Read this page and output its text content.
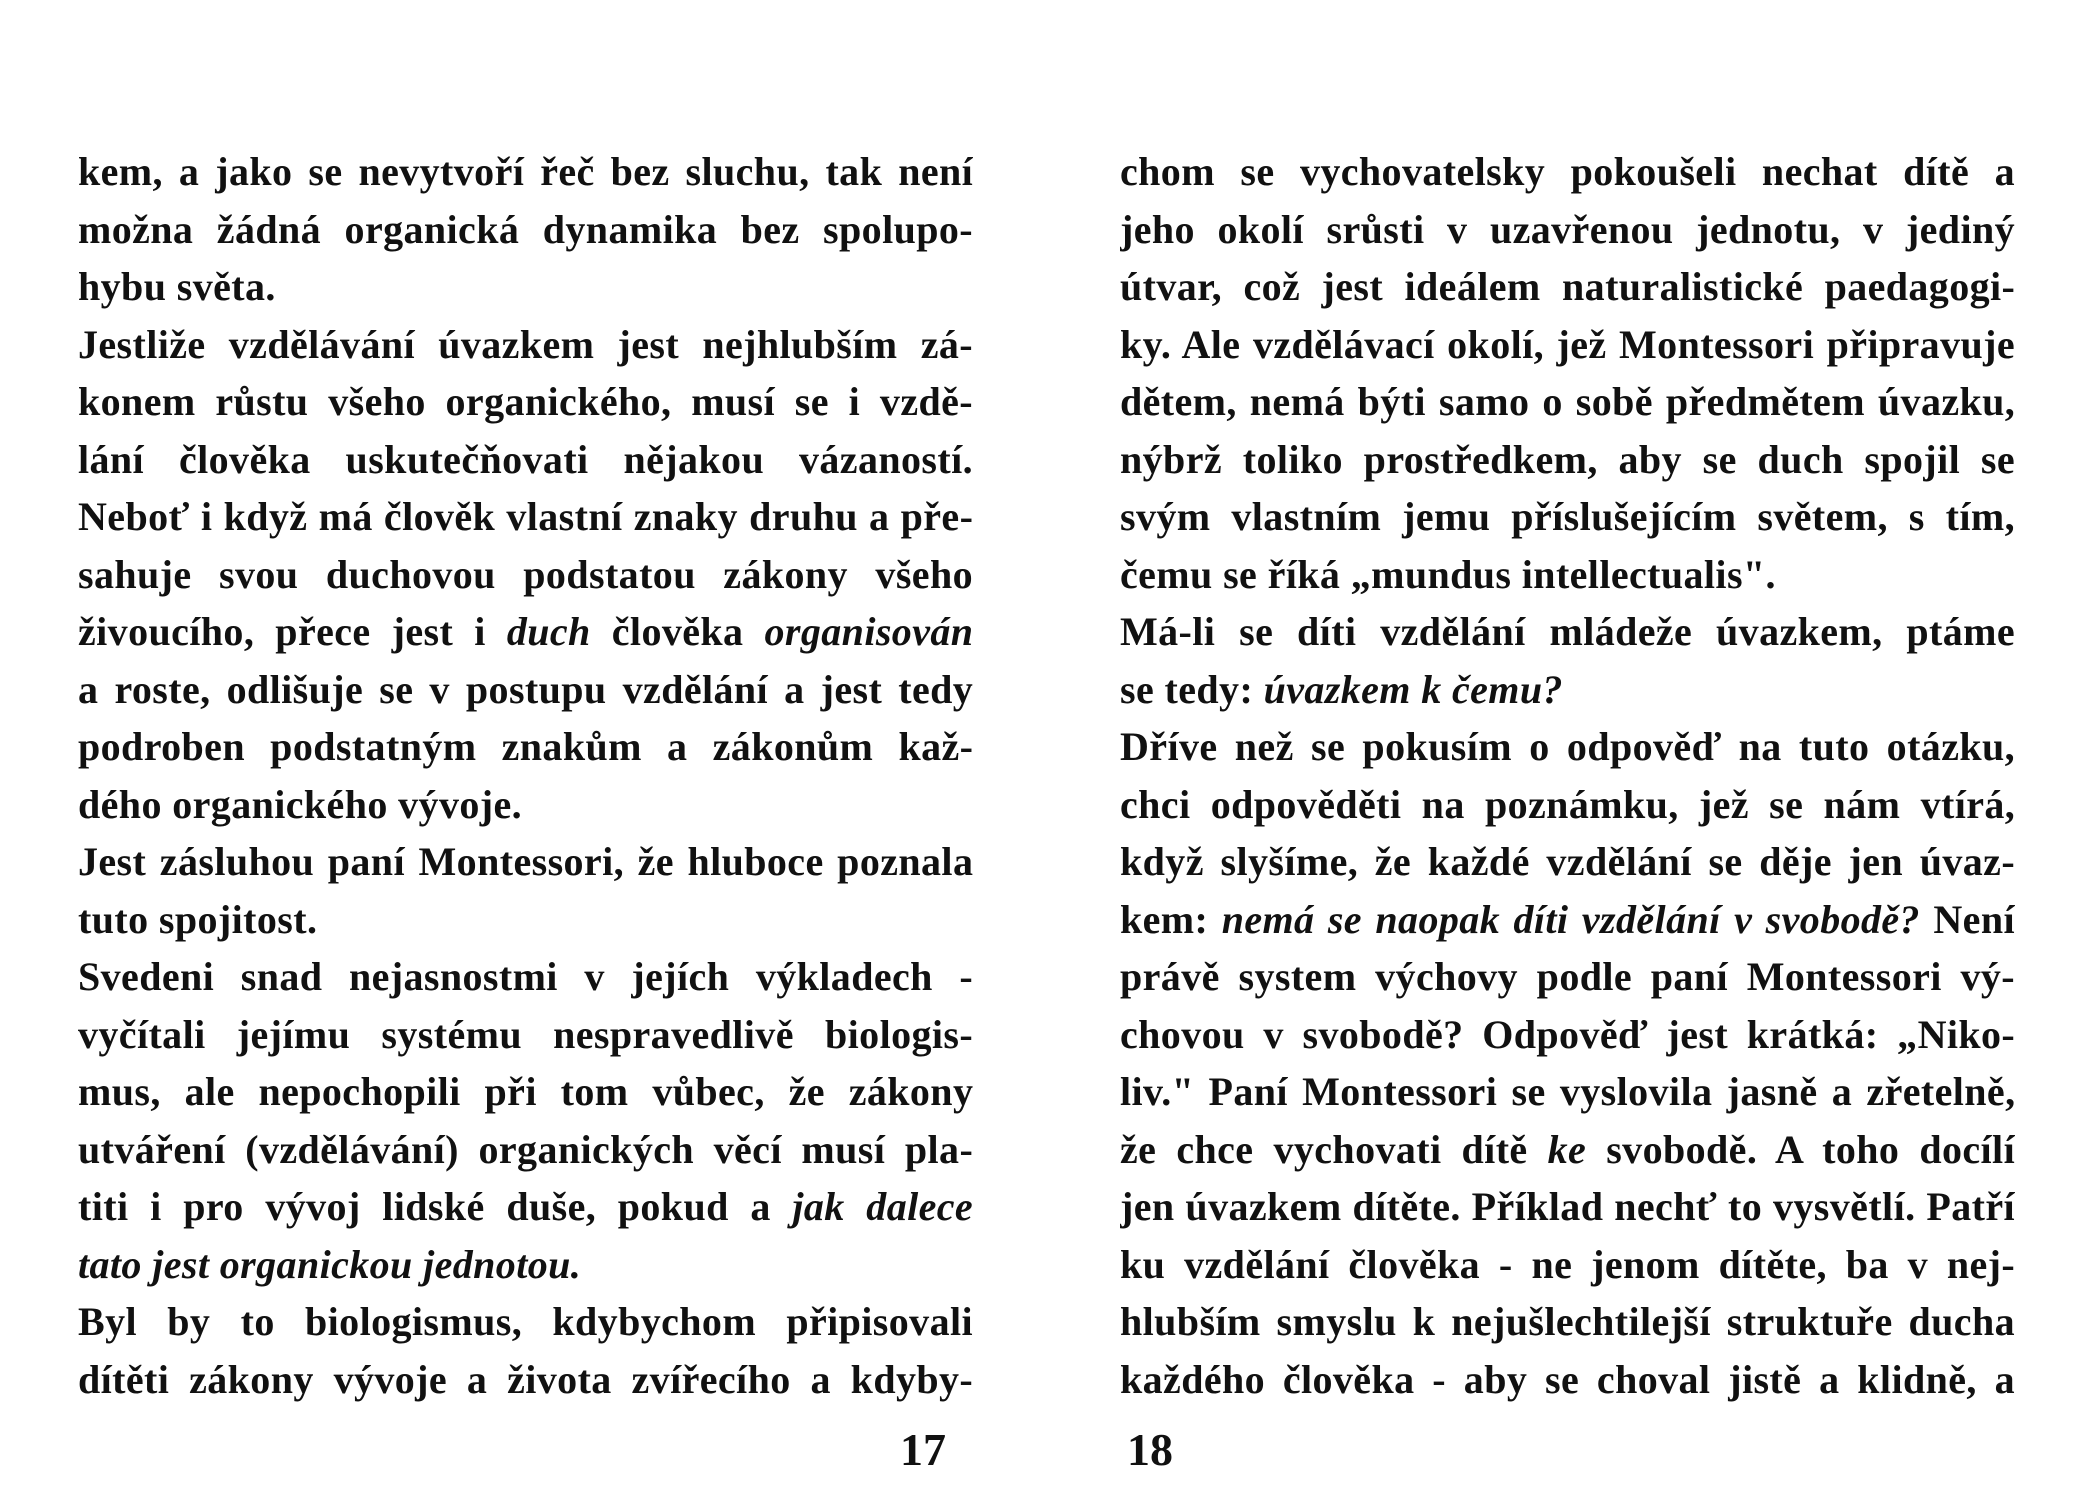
kem, a jako se nevytvoří řeč bez sluchu, tak není
možna žádná organická dynamika bez spolupo-
hybu světa.
Jestliže vzdělávání úvazkem jest nejhlubším zá-
konem růstu všeho organického, musí se i vzdě-
lání člověka uskutečňovati nějakou vázaností.
Neboť i když má člověk vlastní znaky druhu a pře-
sahuje svou duchovou podstatou zákony všeho
živoucího, přece jest i duch člověka organisován
a roste, odlišuje se v postupu vzdělání a jest tedy
podroben podstatným znakům a zákonům kaž-
dého organického vývoje.
Jest zásluhou paní Montessori, že hluboce poznala
tuto spojitost.
Svedeni snad nejasnostmi v jejích výkladech -
vyčítali jejímu systému nespravedlivě biologis-
mus, ale nepochopili při tom vůbec, že zákony
utváření (vzdělávání) organických věcí musí pla-
titi i pro vývoj lidské duše, pokud a jak dalece
tato jest organickou jednotou.
Byl by to biologismus, kdybychom připisovali
dítěti zákony vývoje a života zvířecího a kdyby-
17
chom se vychovatelsky pokoušeli nechat dítě a
jeho okolí srůsti v uzavřenou jednotu, v jediný
útvar, což jest ideálem naturalistické paedagogi-
ky. Ale vzdělávací okolí, jež Montessori připravuje
dětem, nemá býti samo o sobě předmětem úvazku,
nýbrž toliko prostředkem, aby se duch spojil se
svým vlastním jemu příslušejícím světem, s tím,
čemu se říká „mundus intellectualis".
Má-li se díti vzdělání mládeže úvazkem, ptáme
se tedy: úvazkem k čemu?
Dříve než se pokusím o odpověď na tuto otázku,
chci odpověděti na poznámku, jež se nám vtírá,
když slyšíme, že každé vzdělání se děje jen úvaz-
kem: nemá se naopak díti vzdělání v svobodě? Není
právě system výchovy podle paní Montessori vý-
chovou v svobodě? Odpověď jest krátká: „Niko-
liv." Paní Montessori se vyslovila jasně a zřetelně,
že chce vychovati dítě ke svobodě. A toho docílí
jen úvazkem dítěte. Příklad nechť to vysvětlí. Patří
ku vzdělání člověka - ne jenom dítěte, ba v nej-
hlubším smyslu k nejušlechtilejší struktuře ducha
každého člověka - aby se choval jistě a klidně, a
18
